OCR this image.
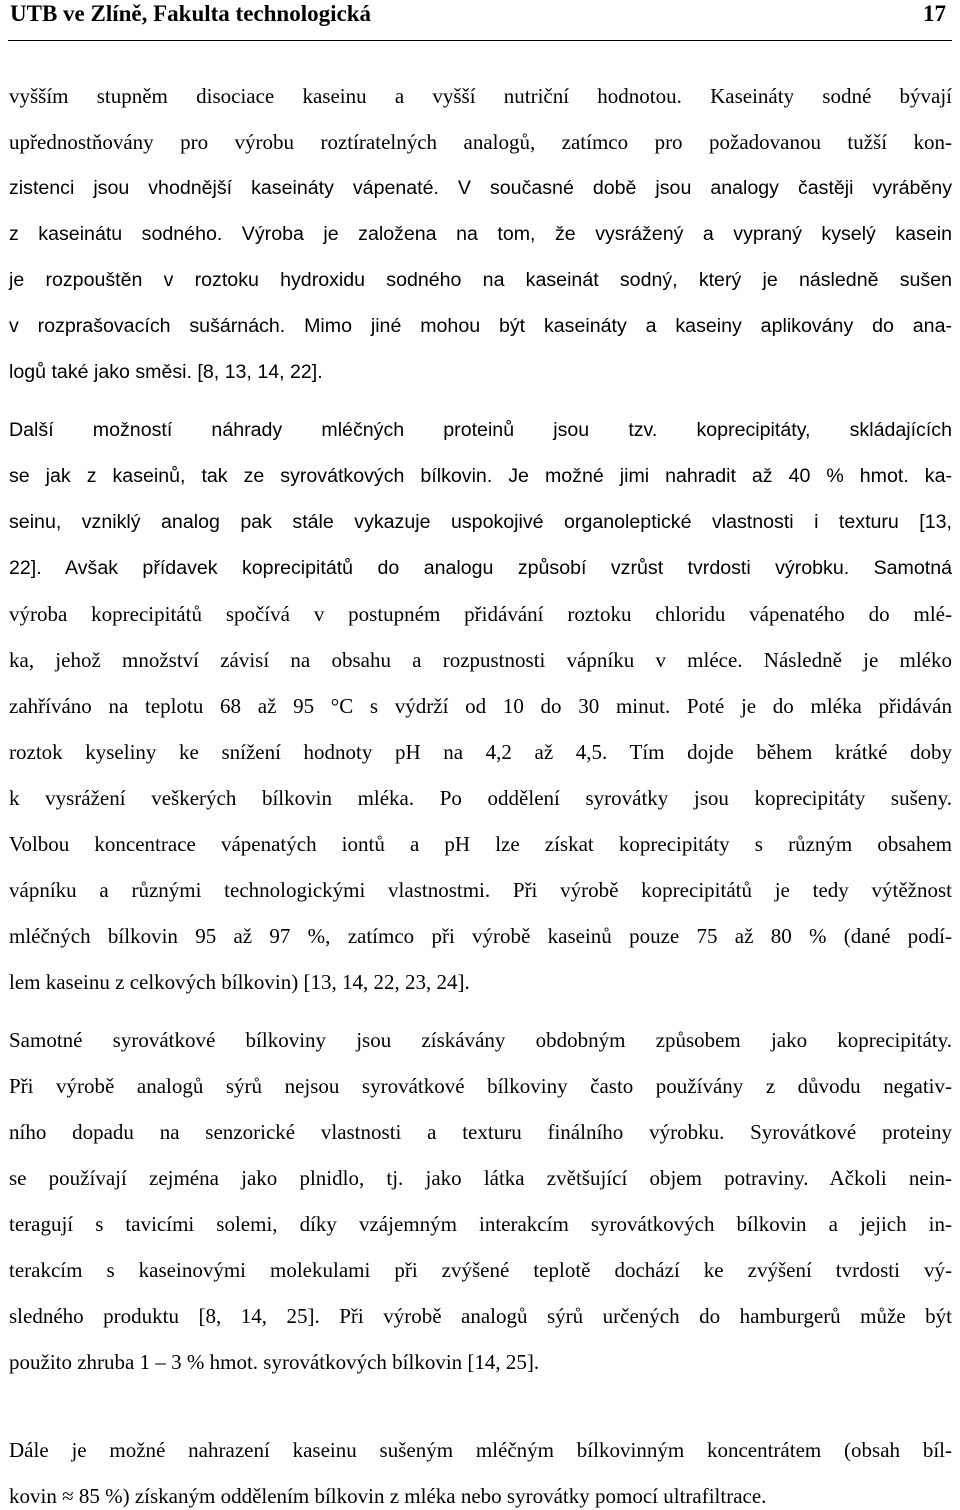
UTB ve Zlíně, Fakulta technologická	17
vyšším stupněm disociace kaseinu a vyšší nutriční hodnotou. Kaseináty sodné bývají
upřednostňovány pro výrobu roztíratelných analogů, zatímco pro požadovanou tužší kon-
zistenci jsou vhodnější kaseináty vápenaté. V současné době jsou analogy častěji vyráběny
z kaseinátu sodného. Výroba je založena na tom, že vysrážený a vypraný kyselý kasein
je rozpouštěn v roztoku hydroxidu sodného na kaseinát sodný, který je následně sušen
v rozprašovacích sušárnách. Mimo jiné mohou být kaseináty a kaseiny aplikovány do ana-
logů také jako směsi. [8, 13, 14, 22].
Další možností náhrady mléčných proteinů jsou tzv. koprecipitáty, skládajících
se jak z kaseinů, tak ze syrovátkových bílkovin. Je možné jimi nahradit až 40 % hmot. ka-
seinu, vzniklý analog pak stále vykazuje uspokojivé organoleptické vlastnosti i texturu [13,
22]. Avšak přídavek koprecipitátů do analogu způsobí vzrůst tvrdosti výrobku. Samotná
výroba koprecipitátů spočívá v postupném přidávání roztoku chloridu vápenatého do mlé-
ka, jehož množství závisí na obsahu a rozpustnosti vápníku v mléce. Následně je mléko
zahříváno na teplotu 68 až 95 °C s výdrží od 10 do 30 minut. Poté je do mléka přidáván
roztok kyseliny ke snížení hodnoty pH na 4,2 až 4,5. Tím dojde během krátké doby
k vysrážení veškerých bílkovin mléka. Po oddělení syrovátky jsou koprecipitáty sušeny.
Volbou koncentrace vápenatých iontů a pH lze získat koprecipitáty s různým obsahem
vápníku a různými technologickými vlastnostmi. Při výrobě koprecipitátů je tedy výtěžnost
mléčných bílkovin 95 až 97 %, zatímco při výrobě kaseinů pouze 75 až 80 % (dané podí-
lem kaseinu z celkových bílkovin) [13, 14, 22, 23, 24].
Samotné syrovátkové bílkoviny jsou získávány obdobným způsobem jako koprecipitáty.
Při výrobě analogů sýrů nejsou syrovátkové bílkoviny často používány z důvodu negativ-
ního dopadu na senzorické vlastnosti a texturu finálního výrobku. Syrovátkové proteiny
se používají zejména jako plnidlo, tj. jako látka zvětšující objem potraviny. Ačkoli nein-
teragují s tavicími solemi, díky vzájemným interakcím syrovátkových bílkovin a jejich in-
terakcím s kaseinovými molekulami při zvýšené teplotě dochází ke zvýšení tvrdosti vý-
sledného produktu [8, 14, 25]. Při výrobě analogů sýrů určených do hamburgerů může být
použito zhruba 1 – 3 % hmot. syrovátkových bílkovin [14, 25].
Dále je možné nahrazení kaseinu sušeným mléčným bílkovinným koncentrátem (obsah bíl-
kovin ≈ 85 %) získaným oddělením bílkovin z mléka nebo syrovátky pomocí ultrafiltrace.
